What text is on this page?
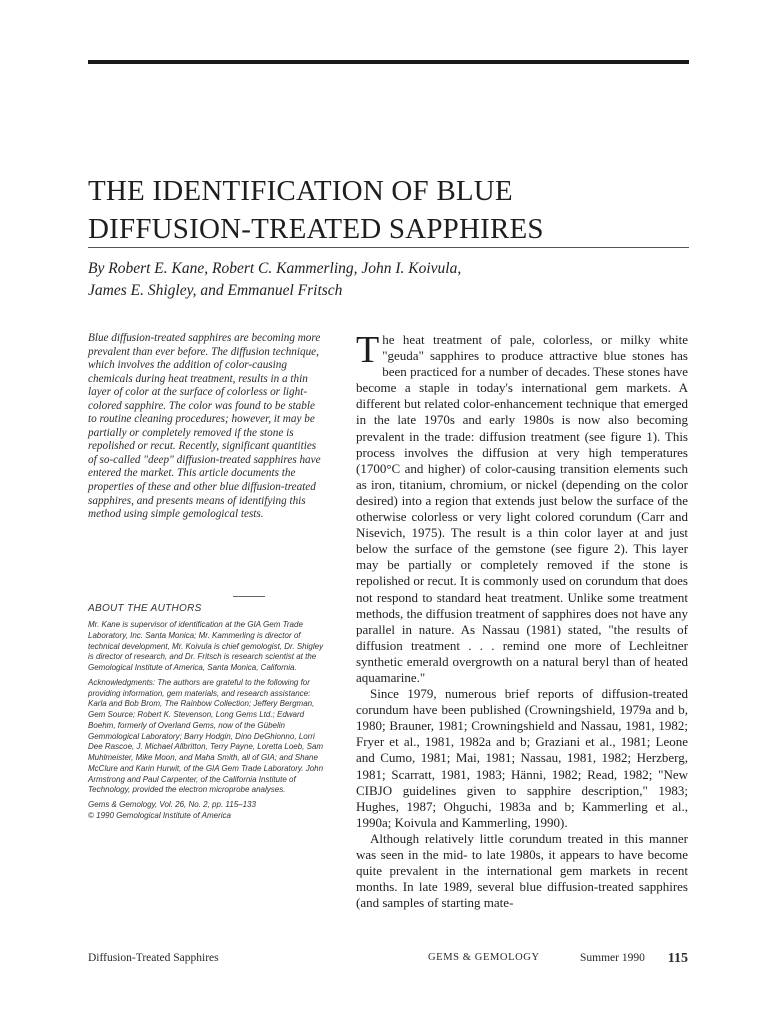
THE IDENTIFICATION OF BLUE
DIFFUSION-TREATED SAPPHIRES

By Robert E. Kane, Robert C. Kammerling, John I. Koivula,
James E. Shigley, and Emmanuel Fritsch

Blue diffusion-treated sapphires are becoming more prevalent than ever before. The diffusion technique, which involves the addition of color-causing chemicals during heat treatment, results in a thin layer of color at the surface of colorless or light-colored sapphire. The color was found to be stable to routine cleaning procedures; however, it may be partially or completely removed if the stone is repolished or recut. Recently, significant quantities of so-called "deep" diffusion-treated sapphires have entered the market. This article documents the properties of these and other blue diffusion-treated sapphires, and presents means of identifying this method using simple gemological tests.

ABOUT THE AUTHORS

Mr. Kane is supervisor of identification at the GIA Gem Trade Laboratory, Inc. Santa Monica; Mr. Kammerling is director of technical development, Mr. Koivula is chief gemologist, Dr. Shigley is director of research, and Dr. Fritsch is research scientist at the Gemological Institute of America, Santa Monica, California.

Acknowledgments: The authors are grateful to the following for providing information, gem materials, and research assistance: Karla and Bob Brom, The Rainbow Collection; Jeffery Bergman, Gem Source; Robert K. Stevenson, Long Gems Ltd.; Edward Boehm, formerly of Overland Gems, now of the Gübelin Gemmological Laboratory; Barry Hodgin, Dino DeGhionno, Lorri Dee Rascoe, J. Michael Allbritton, Terry Payne, Loretta Loeb, Sam Muhlmeister, Mike Moon, and Maha Smith, all of GIA; and Shane McClure and Karin Hurwit, of the GIA Gem Trade Laboratory. John Armstrong and Paul Carpenter, of the California Institute of Technology, provided the electron microprobe analyses.

Gems & Gemology, Vol. 26, No. 2, pp. 115–133

© 1990 Gemological Institute of America

The heat treatment of pale, colorless, or milky white "geuda" sapphires to produce attractive blue stones has been practiced for a number of decades. These stones have become a staple in today's international gem markets. A different but related color-enhancement technique that emerged in the late 1970s and early 1980s is now also becoming prevalent in the trade: diffusion treatment (see figure 1). This process involves the diffusion at very high temperatures (1700°C and higher) of color-causing transition elements such as iron, titanium, chromium, or nickel (depending on the color desired) into a region that extends just below the surface of the otherwise colorless or very light colored corundum (Carr and Nisevich, 1975). The result is a thin color layer at and just below the surface of the gemstone (see figure 2). This layer may be partially or completely removed if the stone is repolished or recut. It is commonly used on corundum that does not respond to standard heat treatment. Unlike some treatment methods, the diffusion treatment of sapphires does not have any parallel in nature. As Nassau (1981) stated, "the results of diffusion treatment . . . remind one more of Lechleitner synthetic emerald overgrowth on a natural beryl than of heated aquamarine."

Since 1979, numerous brief reports of diffusion-treated corundum have been published (Crowningshield, 1979a and b, 1980; Brauner, 1981; Crowningshield and Nassau, 1981, 1982; Fryer et al., 1981, 1982a and b; Graziani et al., 1981; Leone and Cumo, 1981; Mai, 1981; Nassau, 1981, 1982; Herzberg, 1981; Scarratt, 1981, 1983; Hänni, 1982; Read, 1982; "New CIBJO guidelines given to sapphire description," 1983; Hughes, 1987; Ohguchi, 1983a and b; Kammerling et al., 1990a; Koivula and Kammerling, 1990).

Although relatively little corundum treated in this manner was seen in the mid- to late 1980s, it appears to have become quite prevalent in the international gem markets in recent months. In late 1989, several blue diffusion-treated sapphires (and samples of starting mate-

Diffusion-Treated Sapphires	GEMS & GEMOLOGY	Summer 1990 115
